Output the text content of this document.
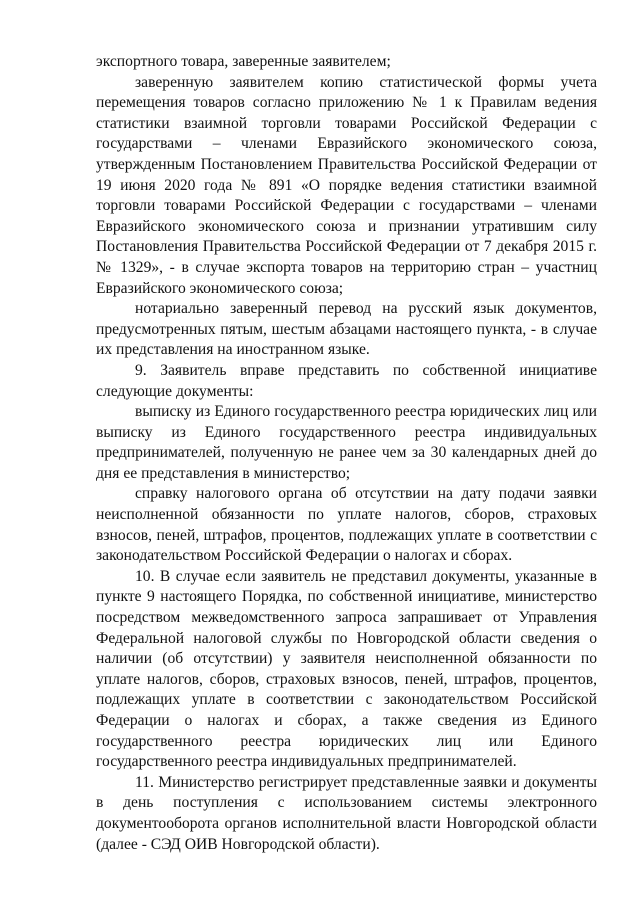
экспортного товара, заверенные заявителем;

заверенную заявителем копию статистической формы учета перемещения товаров согласно приложению № 1 к Правилам ведения статистики взаимной торговли товарами Российской Федерации с государствами – членами Евразийского экономического союза, утвержденным Постановлением Правительства Российской Федерации от 19 июня 2020 года № 891 «О порядке ведения статистики взаимной торговли товарами Российской Федерации с государствами – членами Евразийского экономического союза и признании утратившим силу Постановления Правительства Российской Федерации от 7 декабря 2015 г. № 1329», - в случае экспорта товаров на территорию стран – участниц Евразийского экономического союза;

нотариально заверенный перевод на русский язык документов, предусмотренных пятым, шестым абзацами настоящего пункта, - в случае их представления на иностранном языке.

9. Заявитель вправе представить по собственной инициативе следующие документы:

выписку из Единого государственного реестра юридических лиц или выписку из Единого государственного реестра индивидуальных предпринимателей, полученную не ранее чем за 30 календарных дней до дня ее представления в министерство;

справку налогового органа об отсутствии на дату подачи заявки неисполненной обязанности по уплате налогов, сборов, страховых взносов, пеней, штрафов, процентов, подлежащих уплате в соответствии с законодательством Российской Федерации о налогах и сборах.

10. В случае если заявитель не представил документы, указанные в пункте 9 настоящего Порядка, по собственной инициативе, министерство посредством межведомственного запроса запрашивает от Управления Федеральной налоговой службы по Новгородской области сведения о наличии (об отсутствии) у заявителя неисполненной обязанности по уплате налогов, сборов, страховых взносов, пеней, штрафов, процентов, подлежащих уплате в соответствии с законодательством Российской Федерации о налогах и сборах, а также сведения из Единого государственного реестра юридических лиц или Единого государственного реестра индивидуальных предпринимателей.

11. Министерство регистрирует представленные заявки и документы в день поступления с использованием системы электронного документооборота органов исполнительной власти Новгородской области (далее - СЭД ОИВ Новгородской области).
